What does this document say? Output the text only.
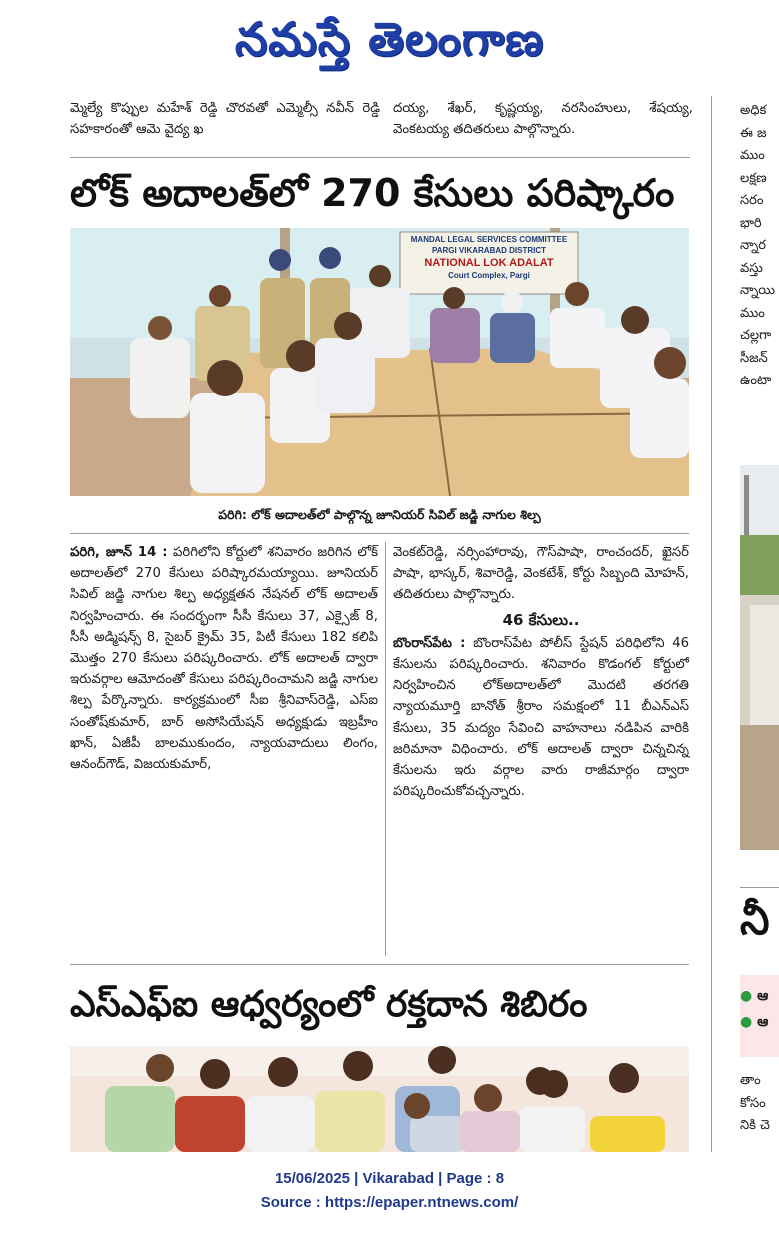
నమస్తే తెలంగాణ
మ్మెల్యే కొప్పుల మహేశ్ రెడ్డి చొరవతో ఎమ్మెల్సీ నవీన్ రెడ్డి సహకారంతో ఆమె వైద్య ఖ
దయ్య, శేఖర్, కృష్ణయ్య, నరసింహులు, శేషయ్య, వెంకటయ్య తదితరులు పాల్గొన్నారు.
లోక్ అదాలత్‌లో 270 కేసులు పరిష్కారం
MANDAL LEGAL SERVICES COMMITTEE
PARGI VIKARABAD DISTRICT
NATIONAL LOK ADALAT
Court Complex, Pargi
పరిగి: లోక్ అదాలత్‌లో పాల్గొన్న జూనియర్ సివిల్ జడ్జి నాగుల శిల్ప
పరిగి, జూన్ 14 : పరిగిలోని కోర్టులో శనివారం జరిగిన లోక్ అదాలత్‌లో 270 కేసులు పరిష్కారమయ్యాయి. జూనియర్ సివిల్ జడ్జి నాగుల శిల్ప అధ్యక్షతన నేషనల్ లోక్ అదాలత్ నిర్వహించారు. ఈ సందర్భంగా సీసీ కేసులు 37, ఎక్సైజ్ 8, సీసీ అడ్మిషన్స్ 8, సైబర్ క్రైమ్ 35, పిటీ కేసులు 182 కలిపి మొత్తం 270 కేసులు పరిష్కరించారు. లోక్ అదాలత్ ద్వారా ఇరువర్గాల ఆమోదంతో కేసులు పరిష్కరించామని జడ్జి నాగుల శిల్ప పేర్కొన్నారు. కార్యక్రమంలో సీఐ శ్రీనివాస్‌రెడ్డి, ఎస్ఐ సంతోష్‌కుమార్, బార్ అసోసియేషన్ అధ్యక్షుడు ఇబ్రహీం ఖాన్, ఏజీపీ బాలముకుందం, న్యాయవాదులు లింగం, ఆనంద్‌గౌడ్, విజయకుమార్,
వెంకట్‌రెడ్డి, నర్సింహారావు, గౌస్‌పాషా, రాంచందర్, ఖైసర్ పాషా, భాస్కర్, శివారెడ్డి, వెంకటేశ్, కోర్టు సిబ్బంది మోహన్, తదితరులు పాల్గొన్నారు.
46 కేసులు..
బొంరాస్‌పేట : బొంరాస్‌పేట పోలీస్ స్టేషన్ పరిధిలోని 46 కేసులను పరిష్కరించారు. శనివారం కొడంగల్ కోర్టులో నిర్వహించిన లోక్‌అదాలత్‌లో మొదటి తరగతి న్యాయమూర్తి బానోత్ శ్రీరాం సమక్షంలో 11 బీఎన్ఎస్ కేసులు, 35 మద్యం సేవించి వాహనాలు నడిపిన వారికి జరిమానా విధించారు. లోక్ అదాలత్ ద్వారా చిన్నచిన్న కేసులను ఇరు వర్గాల వారు రాజీమార్గం ద్వారా పరిష్కరించుకోవచ్చన్నారు.
ఎస్ఎఫ్ఐ ఆధ్వర్యంలో రక్తదాన శిబిరం
అధిక
ఈ జ
ముం
లక్షణ
సరం
భారి
న్నార
వస్తు
న్నాయి
ముం
చల్లగా
సీజన్
ఉంటా
నీ
● ఆ
● ఆ
తాం
కోసం
నికి చె
15/06/2025 | Vikarabad | Page : 8
Source : https://epaper.ntnews.com/
